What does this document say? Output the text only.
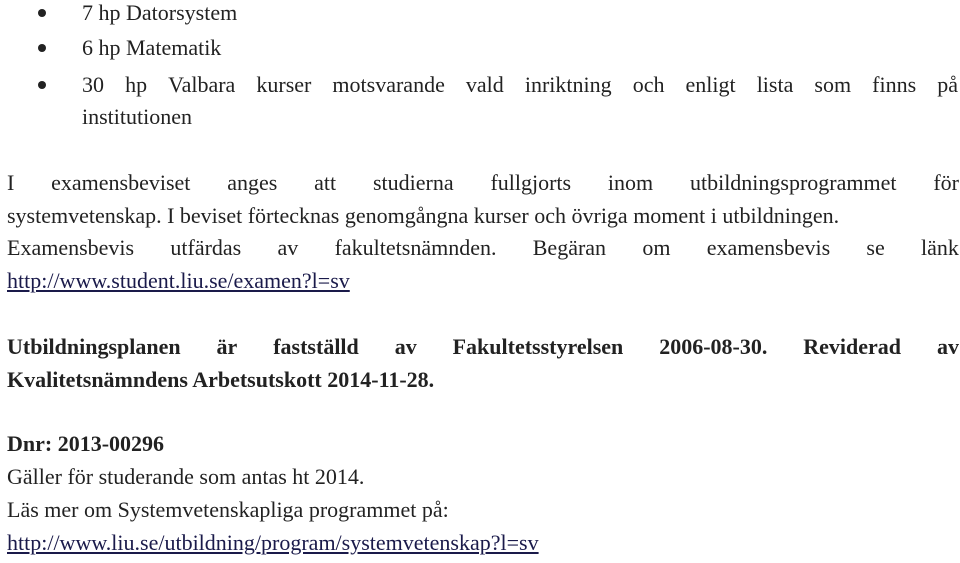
7 hp Datorsystem
6 hp Matematik
30 hp Valbara kurser motsvarande vald inriktning och enligt lista som finns på
institutionen
I examensbeviset anges att studierna fullgjorts inom utbildningsprogrammet för
systemvetenskap. I beviset förtecknas genomgångna kurser och övriga moment i utbildningen.
Examensbevis utfärdas av fakultetsnämnden. Begäran om examensbevis se länk
http://www.student.liu.se/examen?l=sv
Utbildningsplanen är fastställd av Fakultetsstyrelsen 2006-08-30. Reviderad av
Kvalitetsnämndens Arbetsutskott 2014-11-28.
Dnr: 2013-00296
Gäller för studerande som antas ht 2014.
Läs mer om Systemvetenskapliga programmet på:
http://www.liu.se/utbildning/program/systemvetenskap?l=sv
